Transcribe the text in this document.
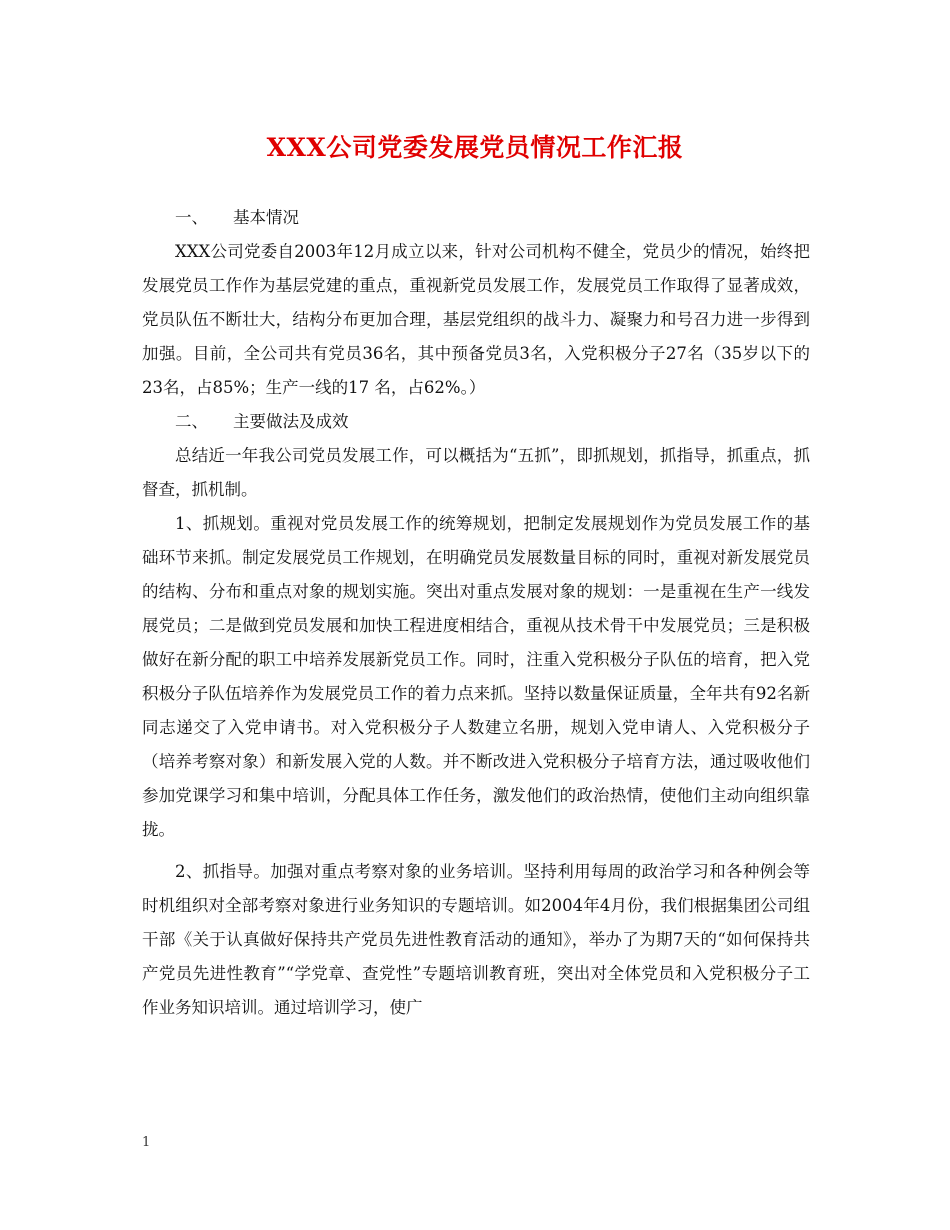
XXX公司党委发展党员情况工作汇报
一、 基本情况

XXX公司党委自2003年12月成立以来，针对公司机构不健全，党员少的情况，始终把发展党员工作作为基层党建的重点，重视新党员发展工作，发展党员工作取得了显著成效，党员队伍不断壮大，结构分布更加合理，基层党组织的战斗力、凝聚力和号召力进一步得到加强。目前，全公司共有党员36名，其中预备党员3名，入党积极分子27名（35岁以下的23名，占85%；生产一线的17 名，占62%。）

二、 主要做法及成效

总结近一年我公司党员发展工作，可以概括为“五抓”，即抓规划，抓指导，抓重点，抓督查，抓机制。

1、抓规划。重视对党员发展工作的统筹规划，把制定发展规划作为党员发展工作的基础环节来抓。制定发展党员工作规划，在明确党员发展数量目标的同时，重视对新发展党员的结构、分布和重点对象的规划实施。突出对重点发展对象的规划：一是重视在生产一线发展党员；二是做到党员发展和加快工程进度相结合，重视从技术骨干中发展党员；三是积极做好在新分配的职工中培养发展新党员工作。同时，注重入党积极分子队伍的培育，把入党积极分子队伍培养作为发展党员工作的着力点来抓。坚持以数量保证质量，全年共有92名新同志递交了入党申请书。对入党积极分子人数建立名册，规划入党申请人、入党积极分子（培养考察对象）和新发展入党的人数。并不断改进入党积极分子培育方法，通过吸收他们参加党课学习和集中培训，分配具体工作任务，激发他们的政治热情，使他们主动向组织靠拢。

2、抓指导。加强对重点考察对象的业务培训。坚持利用每周的政治学习和各种例会等时机组织对全部考察对象进行业务知识的专题培训。如2004年4月份，我们根据集团公司组干部《关于认真做好保持共产党员先进性教育活动的通知》，举办了为期7天的“如何保持共产党员先进性教育”“学党章、查党性”专题培训教育班，突出对全体党员和入党积极分子工作业务知识培训。通过培训学习，使广

1
